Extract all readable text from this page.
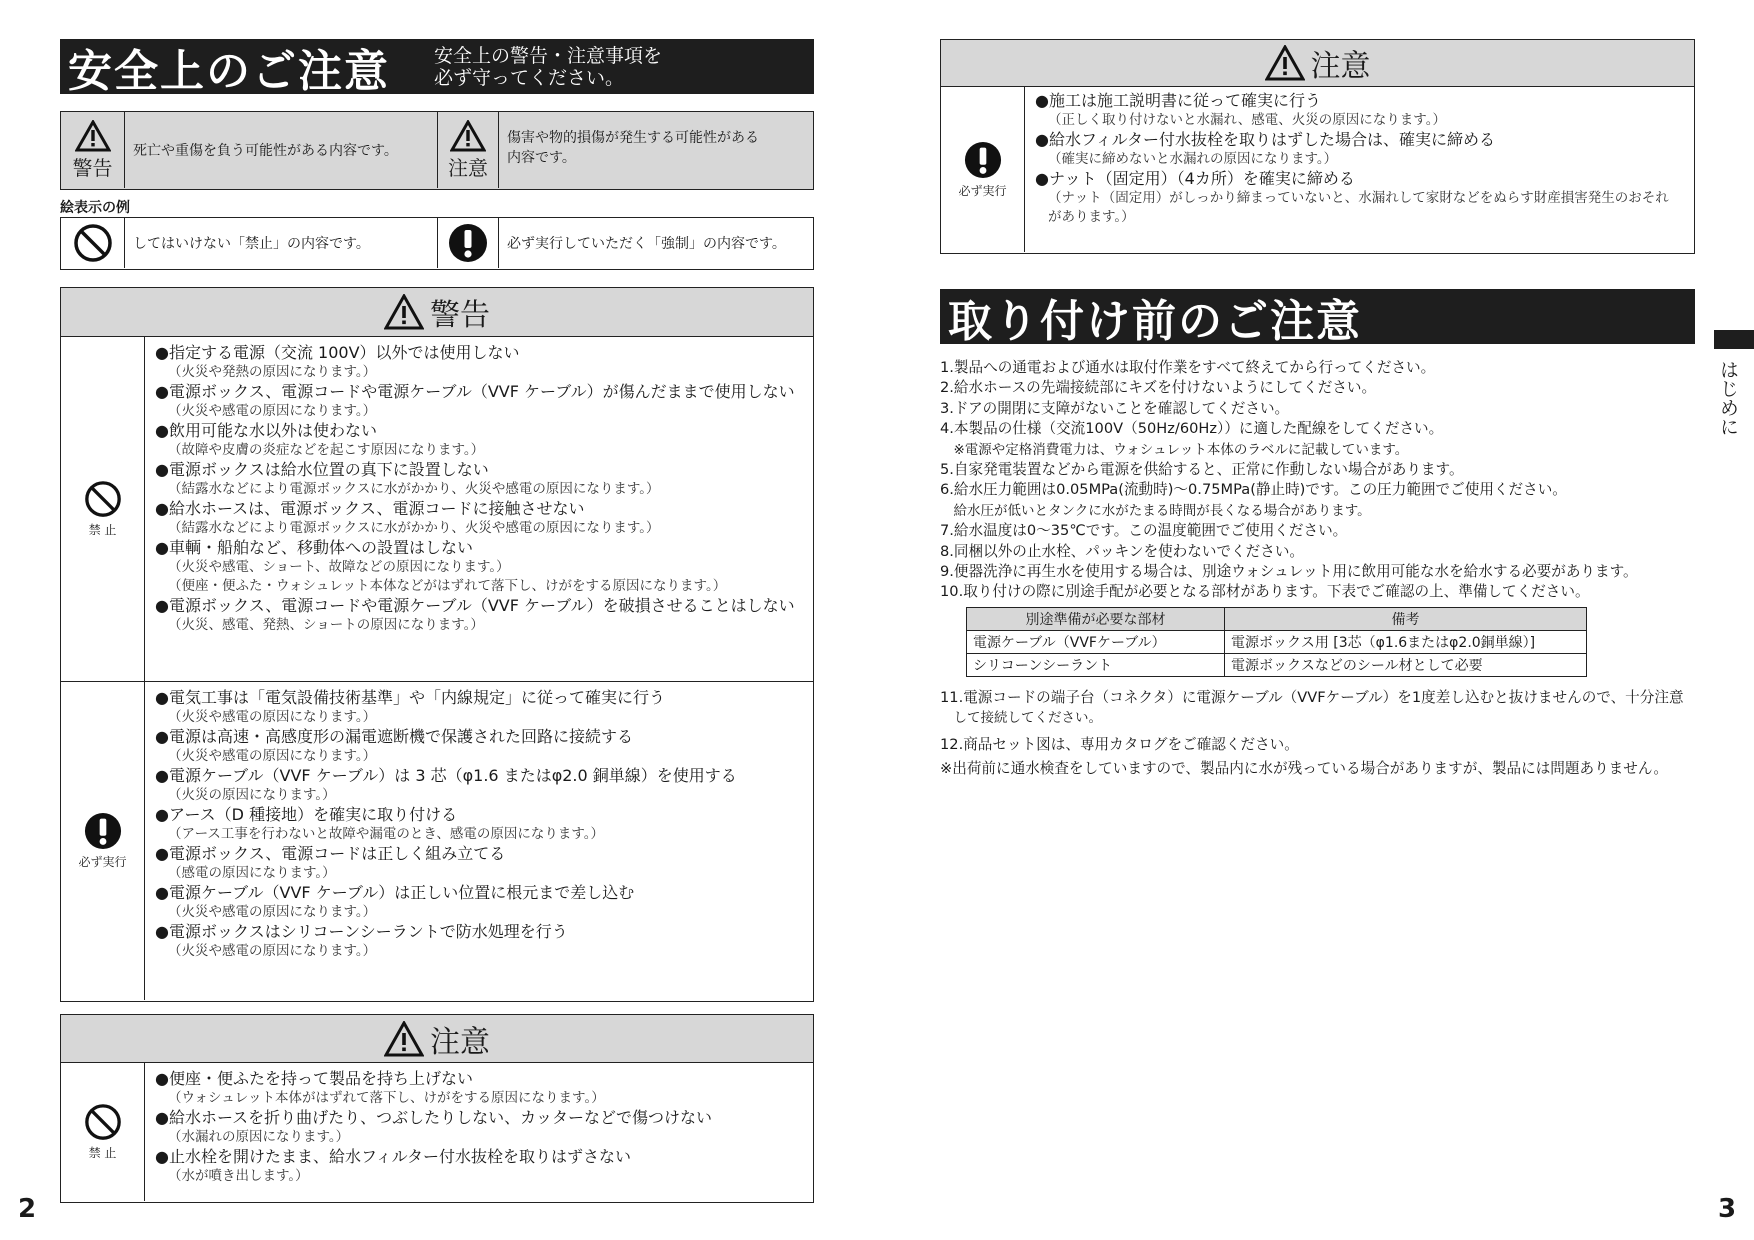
安全上のご注意 安全上の警告・注意事項を
必ず守ってください。
警告
死亡や重傷を負う可能性がある内容です。
注意
傷害や物的損傷が発生する可能性がある
内容です。
絵表示の例
してはいけない「禁止」の内容です。	必ず実行していただく「強制」の内容です。
警告
禁 止
●指定する電源（交流 100V）以外では使用しない
（火災や発熱の原因になります。）
●電源ボックス、電源コードや電源ケーブル（VVF ケーブル）が傷んだままで使用しない
（火災や感電の原因になります。）
●飲用可能な水以外は使わない
（故障や皮膚の炎症などを起こす原因になります。）
●電源ボックスは給水位置の真下に設置しない
（結露水などにより電源ボックスに水がかかり、火災や感電の原因になります。）
●給水ホースは、電源ボックス、電源コードに接触させない
（結露水などにより電源ボックスに水がかかり、火災や感電の原因になります。）
●車輌・船舶など、移動体への設置はしない
（火災や感電、ショート、故障などの原因になります。）
（便座・便ふた・ウォシュレット本体などがはずれて落下し、けがをする原因になります。）
●電源ボックス、電源コードや電源ケーブル（VVF ケーブル）を破損させることはしない
（火災、感電、発熱、ショートの原因になります。）
必ず実行
●電気工事は「電気設備技術基準」や「内線規定」に従って確実に行う
（火災や感電の原因になります。）
●電源は高速・高感度形の漏電遮断機で保護された回路に接続する
（火災や感電の原因になります。）
●電源ケーブル（VVF ケーブル）は 3 芯（φ1.6 またはφ2.0 銅単線）を使用する
（火災の原因になります。）
●アース（D 種接地）を確実に取り付ける
（アース工事を行わないと故障や漏電のとき、感電の原因になります。）
●電源ボックス、電源コードは正しく組み立てる
（感電の原因になります。）
●電源ケーブル（VVF ケーブル）は正しい位置に根元まで差し込む
（火災や感電の原因になります。）
●電源ボックスはシリコーンシーラントで防水処理を行う
（火災や感電の原因になります。）
注意
禁 止
●便座・便ふたを持って製品を持ち上げない
（ウォシュレット本体がはずれて落下し、けがをする原因になります。）
●給水ホースを折り曲げたり、つぶしたりしない、カッターなどで傷つけない
（水漏れの原因になります。）
●止水栓を開けたまま、給水フィルター付水抜栓を取りはずさない
（水が噴き出します。）
2
注意
必ず実行
●施工は施工説明書に従って確実に行う
（正しく取り付けないと水漏れ、感電、火災の原因になります。）
●給水フィルター付水抜栓を取りはずした場合は、確実に締める
（確実に締めないと水漏れの原因になります。）
●ナット（固定用）（4カ所）を確実に締める
（ナット（固定用）がしっかり締まっていないと、水漏れして家財などをぬらす財産損害発生のおそれ
があります。）
取り付け前のご注意
1.製品への通電および通水は取付作業をすべて終えてから行ってください。
2.給水ホースの先端接続部にキズを付けないようにしてください。
3.ドアの開閉に支障がないことを確認してください。
4.本製品の仕様（交流100V（50Hz/60Hz））に適した配線をしてください。
　※電源や定格消費電力は、ウォシュレット本体のラベルに記載しています。
5.自家発電装置などから電源を供給すると、正常に作動しない場合があります。
6.給水圧力範囲は0.05MPa(流動時)～0.75MPa(静止時)です。この圧力範囲でご使用ください。
　給水圧が低いとタンクに水がたまる時間が長くなる場合があります。
7.給水温度は0～35℃です。この温度範囲でご使用ください。
8.同梱以外の止水栓、パッキンを使わないでください。
9.便器洗浄に再生水を使用する場合は、別途ウォシュレット用に飲用可能な水を給水する必要があります。
10.取り付けの際に別途手配が必要となる部材があります。下表でご確認の上、準備してください。
別途準備が必要な部材	備考
電源ケーブル（VVFケーブル）	電源ボックス用 [3芯（φ1.6またはφ2.0銅単線）]
シリコーンシーラント	電源ボックスなどのシール材として必要
11.電源コードの端子台（コネクタ）に電源ケーブル（VVFケーブル）を1度差し込むと抜けませんので、十分注意
　して接続してください。
12.商品セット図は、専用カタログをご確認ください。
※出荷前に通水検査をしていますので、製品内に水が残っている場合がありますが、製品には問題ありません。
はじめに
3
